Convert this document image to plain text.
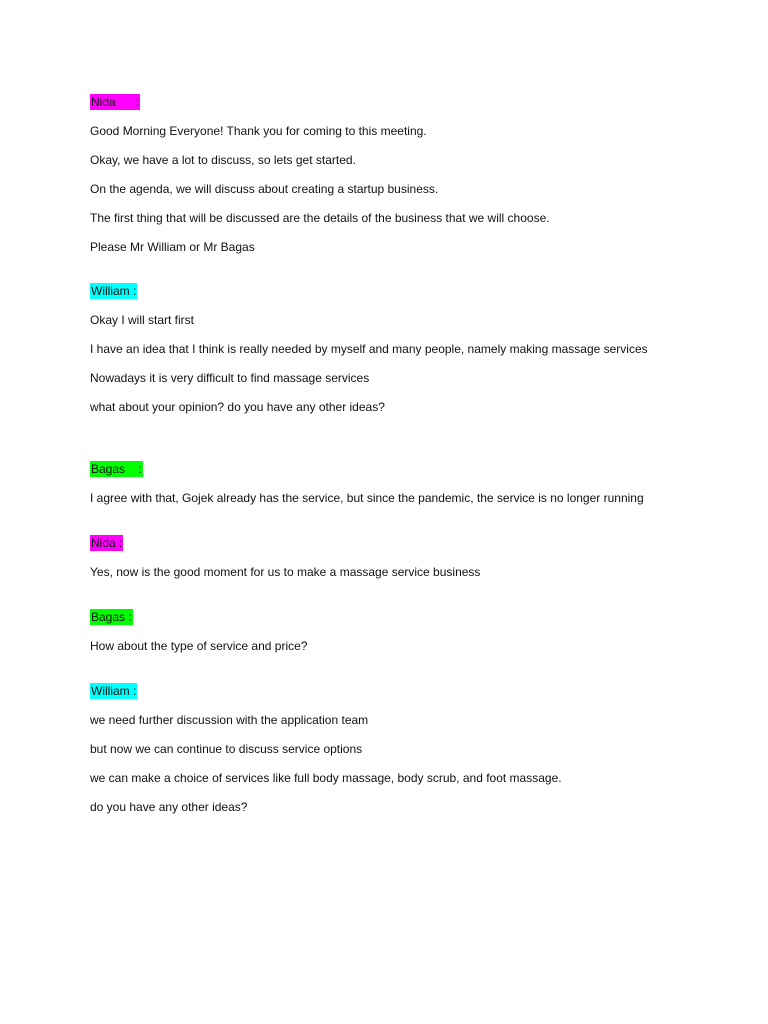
Nida      :
Good Morning Everyone! Thank you for coming to this meeting.
Okay, we have a lot to discuss, so lets get started.
On the agenda, we will discuss about creating a startup business.
The first thing that will be discussed are the details of the business that we will choose.
Please Mr William or Mr Bagas
William :
Okay I will start first
I have an idea that I think is really needed by myself and many people, namely making massage services
Nowadays it is very difficult to find massage services
what about your opinion? do you have any other ideas?
Bagas    :
I agree with that, Gojek already has the service, but since the pandemic, the service is no longer running
Nida :
Yes, now is the good moment for us to make a massage service business
Bagas :
How about the type of service and price?
William :
we need further discussion with the application team
but now we can continue to discuss service options
we can make a choice of services like full body massage, body scrub, and foot massage.
do you have any other ideas?
